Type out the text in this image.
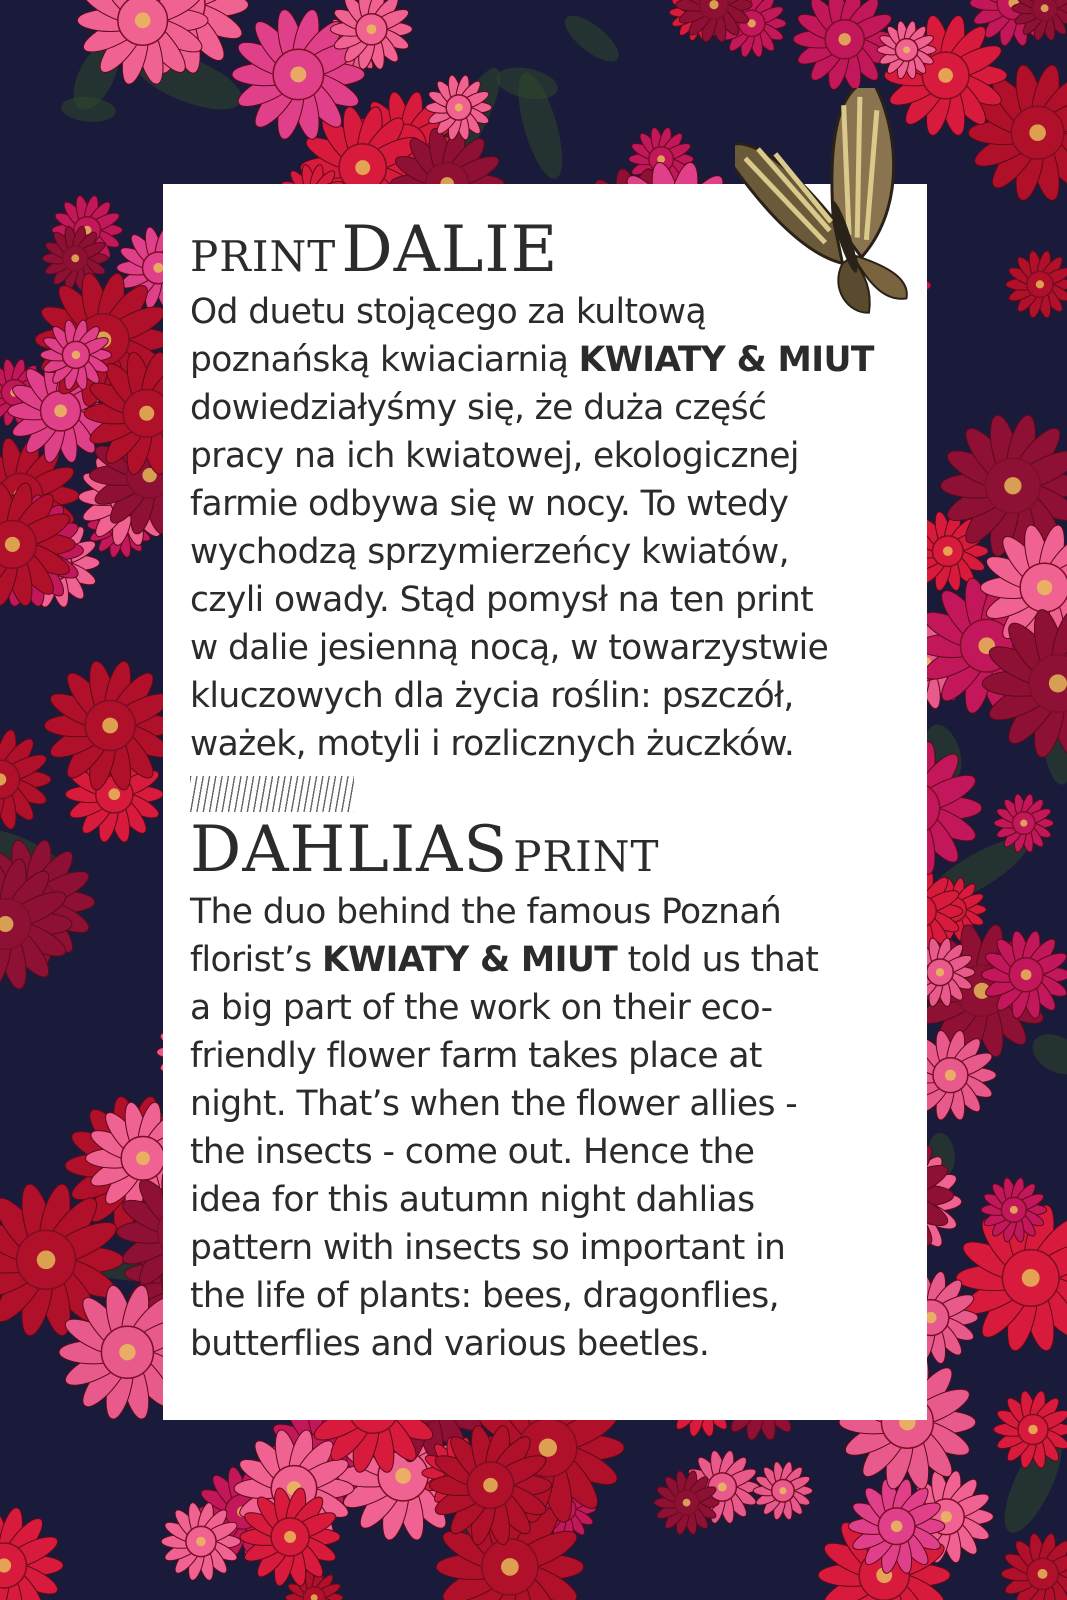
PRINT DALIE
Od duetu stojącego za kultową
poznańską kwiaciarnią KWIATY & MIUT
dowiedziałyśmy się, że duża część
pracy na ich kwiatowej, ekologicznej
farmie odbywa się w nocy. To wtedy
wychodzą sprzymierzeńcy kwiatów,
czyli owady. Stąd pomysł na ten print
w dalie jesienną nocą, w towarzystwie
kluczowych dla życia roślin: pszczół,
ważek, motyli i rozlicznych żuczków.
DAHLIAS PRINT
The duo behind the famous Poznań
florist’s KWIATY & MIUT told us that
a big part of the work on their eco-
friendly flower farm takes place at
night. That’s when the flower allies -
the insects - come out. Hence the
idea for this autumn night dahlias
pattern with insects so important in
the life of plants: bees, dragonflies,
butterflies and various beetles.
